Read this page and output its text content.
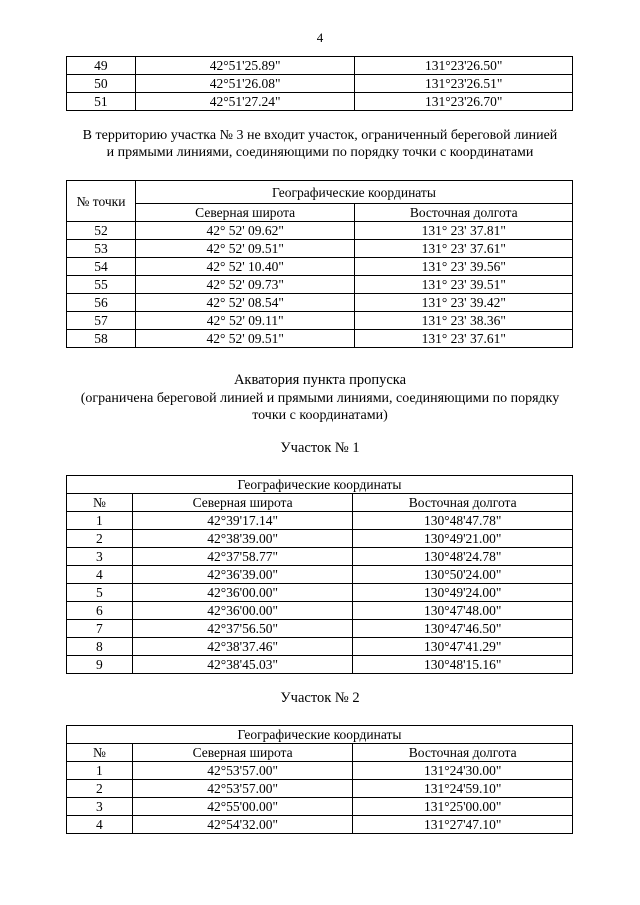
4
49	42°51'25.89"	131°23'26.50"
50	42°51'26.08"	131°23'26.51"
51	42°51'27.24"	131°23'26.70"
В территорию участка № 3 не входит участок, ограниченный береговой линией
и прямыми линиями, соединяющими по порядку точки с координатами
№ точки	Географические координаты	
	Северная широта	Восточная долгота
52	42° 52' 09.62"	131° 23' 37.81"
53	42° 52' 09.51"	131° 23' 37.61"
54	42° 52' 10.40"	131° 23' 39.56"
55	42° 52' 09.73"	131° 23' 39.51"
56	42° 52' 08.54"	131° 23' 39.42"
57	42° 52' 09.11"	131° 23' 38.36"
58	42° 52' 09.51"	131° 23' 37.61"
Акватория пункта пропуска
(ограничена береговой линией и прямыми линиями, соединяющими по порядку
точки с координатами)
Участок № 1
Географические координаты		
№	Северная широта	Восточная долгота
1	42°39'17.14"	130°48'47.78"
2	42°38'39.00"	130°49'21.00"
3	42°37'58.77"	130°48'24.78"
4	42°36'39.00"	130°50'24.00"
5	42°36'00.00"	130°49'24.00"
6	42°36'00.00"	130°47'48.00"
7	42°37'56.50"	130°47'46.50"
8	42°38'37.46"	130°47'41.29"
9	42°38'45.03"	130°48'15.16"
Участок № 2
Географические координаты		
№	Северная широта	Восточная долгота
1	42°53'57.00"	131°24'30.00"
2	42°53'57.00"	131°24'59.10"
3	42°55'00.00"	131°25'00.00"
4	42°54'32.00"	131°27'47.10"
